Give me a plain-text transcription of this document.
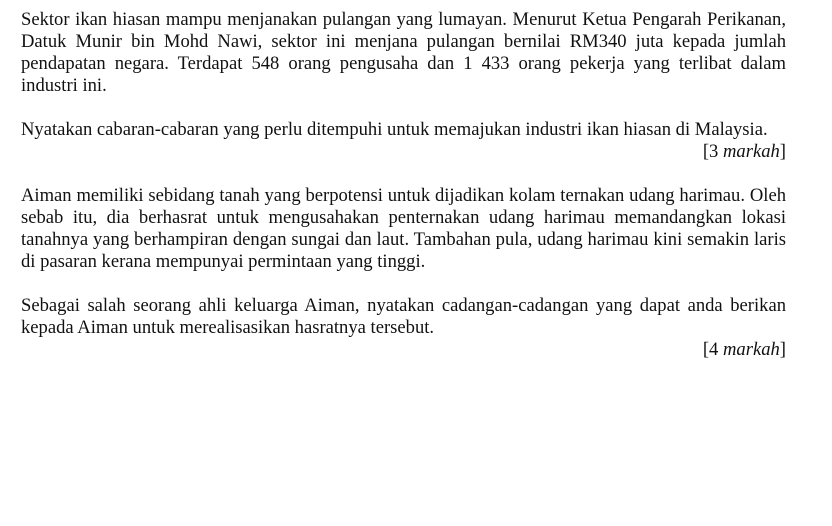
Sektor ikan hiasan mampu menjanakan pulangan yang lumayan. Menurut Ketua Pengarah Perikanan, Datuk Munir bin Mohd Nawi, sektor ini menjana pulangan bernilai RM340 juta kepada jumlah pendapatan negara. Terdapat 548 orang pengusaha dan 1 433 orang pekerja yang terlibat dalam industri ini.

Nyatakan cabaran-cabaran yang perlu ditempuhi untuk memajukan industri ikan hiasan di Malaysia.

[3 markah]

Aiman memiliki sebidang tanah yang berpotensi untuk dijadikan kolam ternakan udang harimau. Oleh sebab itu, dia berhasrat untuk mengusahakan penternakan udang harimau memandangkan lokasi tanahnya yang berhampiran dengan sungai dan laut. Tambahan pula, udang harimau kini semakin laris di pasaran kerana mempunyai permintaan yang tinggi.

Sebagai salah seorang ahli keluarga Aiman, nyatakan cadangan-cadangan yang dapat anda berikan kepada Aiman untuk merealisasikan hasratnya tersebut.

[4 markah]
